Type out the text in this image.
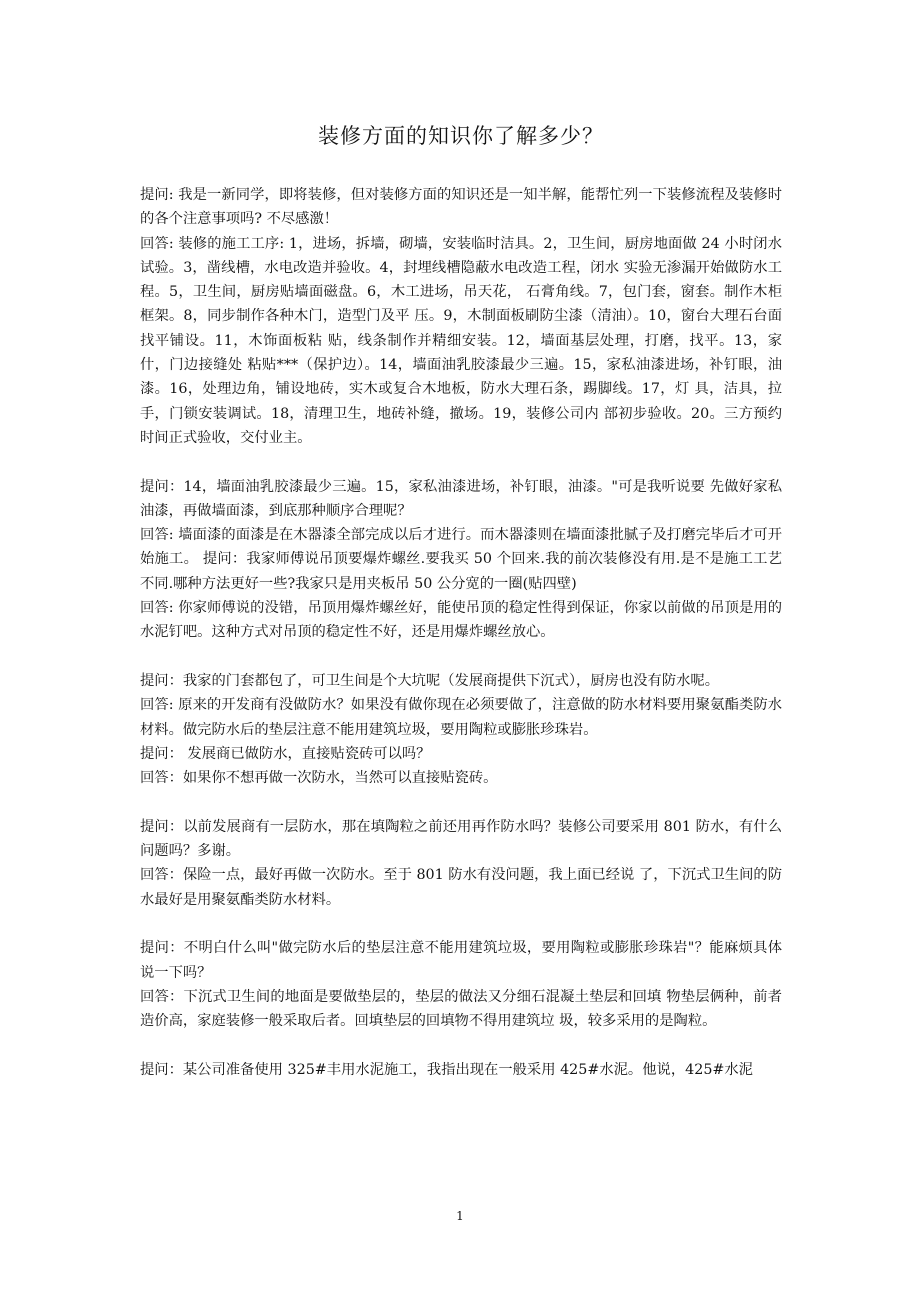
装修方面的知识你了解多少？
提问: 我是一新同学，即将装修，但对装修方面的知识还是一知半解，能帮忙列一下装修流程及装修时的各个注意事项吗? 不尽感激！
回答: 装修的施工工序: 1，进场，拆墙，砌墙，安装临时洁具。2，卫生间，厨房地面做 24 小时闭水试验。3，凿线槽，水电改造并验收。4，封埋线槽隐蔽水电改造工程，闭水 实验无渗漏开始做防水工程。5，卫生间，厨房贴墙面磁盘。6，木工进场，吊天花， 石膏角线。7，包门套，窗套。制作木柜框架。8，同步制作各种木门，造型门及平 压。9，木制面板刷防尘漆（清油）。10，窗台大理石台面找平铺设。11，木饰面板粘 贴，线条制作并精细安装。12，墙面基层处理，打磨，找平。13，家什，门边接缝处 粘贴***（保护边）。14，墙面油乳胶漆最少三遍。15，家私油漆进场，补钉眼，油 漆。16，处理边角，铺设地砖，实木或复合木地板，防水大理石条，踢脚线。17，灯 具，洁具，拉手，门锁安装调试。18，清理卫生，地砖补缝，撤场。19，装修公司内 部初步验收。20。三方预约时间正式验收，交付业主。
提问：14，墙面油乳胶漆最少三遍。15，家私油漆进场，补钉眼，油漆。"可是我听说要 先做好家私油漆，再做墙面漆，到底那种顺序合理呢？
回答: 墙面漆的面漆是在木器漆全部完成以后才进行。而木器漆则在墙面漆批腻子及打磨完毕后才可开始施工。 提问：我家师傅说吊顶要爆炸螺丝.要我买 50 个回来.我的前次装修没有用.是不是施工工艺不同.哪种方法更好一些?我家只是用夹板吊 50 公分宽的一圈(贴四壁)
回答: 你家师傅说的没错，吊顶用爆炸螺丝好，能使吊顶的稳定性得到保证，你家以前做的吊顶是用的水泥钉吧。这种方式对吊顶的稳定性不好，还是用爆炸螺丝放心。
提问：我家的门套都包了，可卫生间是个大坑呢（发展商提供下沉式），厨房也没有防水呢。
回答: 原来的开发商有没做防水？如果没有做你现在必须要做了，注意做的防水材料要用聚氨酯类防水材料。做完防水后的垫层注意不能用建筑垃圾，要用陶粒或膨胀珍珠岩。
提问： 发展商已做防水，直接贴瓷砖可以吗？
回答：如果你不想再做一次防水，当然可以直接贴瓷砖。
提问：以前发展商有一层防水，那在填陶粒之前还用再作防水吗？装修公司要采用 801 防水，有什么问题吗？多谢。
回答：保险一点，最好再做一次防水。至于 801 防水有没问题，我上面已经说 了，下沉式卫生间的防水最好是用聚氨酯类防水材料。
提问：不明白什么叫"做完防水后的垫层注意不能用建筑垃圾，要用陶粒或膨胀珍珠岩"？能麻烦具体说一下吗？
回答：下沉式卫生间的地面是要做垫层的，垫层的做法又分细石混凝土垫层和回填 物垫层俩种，前者造价高，家庭装修一般采取后者。回填垫层的回填物不得用建筑垃 圾，较多采用的是陶粒。
提问：某公司准备使用 325#丰用水泥施工，我指出现在一般采用 425#水泥。他说，425#水泥
1
